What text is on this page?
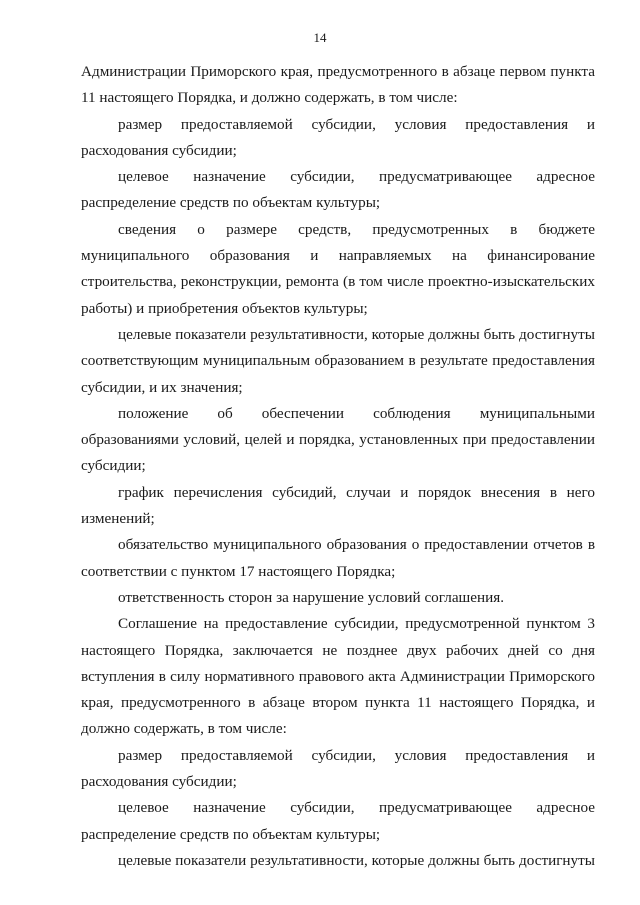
14

Администрации Приморского края, предусмотренного в абзаце первом пункта 11 настоящего Порядка, и должно содержать, в том числе:

размер предоставляемой субсидии, условия предоставления и расходования субсидии;

целевое назначение субсидии, предусматривающее адресное распределение средств по объектам культуры;

сведения о размере средств, предусмотренных в бюджете муниципального образования и направляемых на финансирование строительства, реконструкции, ремонта (в том числе проектно-изыскательских работы) и приобретения объектов культуры;

целевые показатели результативности, которые должны быть достигнуты соответствующим муниципальным образованием в результате предоставления субсидии, и их значения;

положение об обеспечении соблюдения муниципальными образованиями условий, целей и порядка, установленных при предоставлении субсидии;

график перечисления субсидий, случаи и порядок внесения в него изменений;

обязательство муниципального образования о предоставлении отчетов в соответствии с пунктом 17 настоящего Порядка;

ответственность сторон за нарушение условий соглашения.

Соглашение на предоставление субсидии, предусмотренной пунктом 3 настоящего Порядка, заключается не позднее двух рабочих дней со дня вступления в силу нормативного правового акта Администрации Приморского края, предусмотренного в абзаце втором пункта 11 настоящего Порядка, и должно содержать, в том числе:

размер предоставляемой субсидии, условия предоставления и расходования субсидии;

целевое назначение субсидии, предусматривающее адресное распределение средств по объектам культуры;

целевые показатели результативности, которые должны быть достигнуты
